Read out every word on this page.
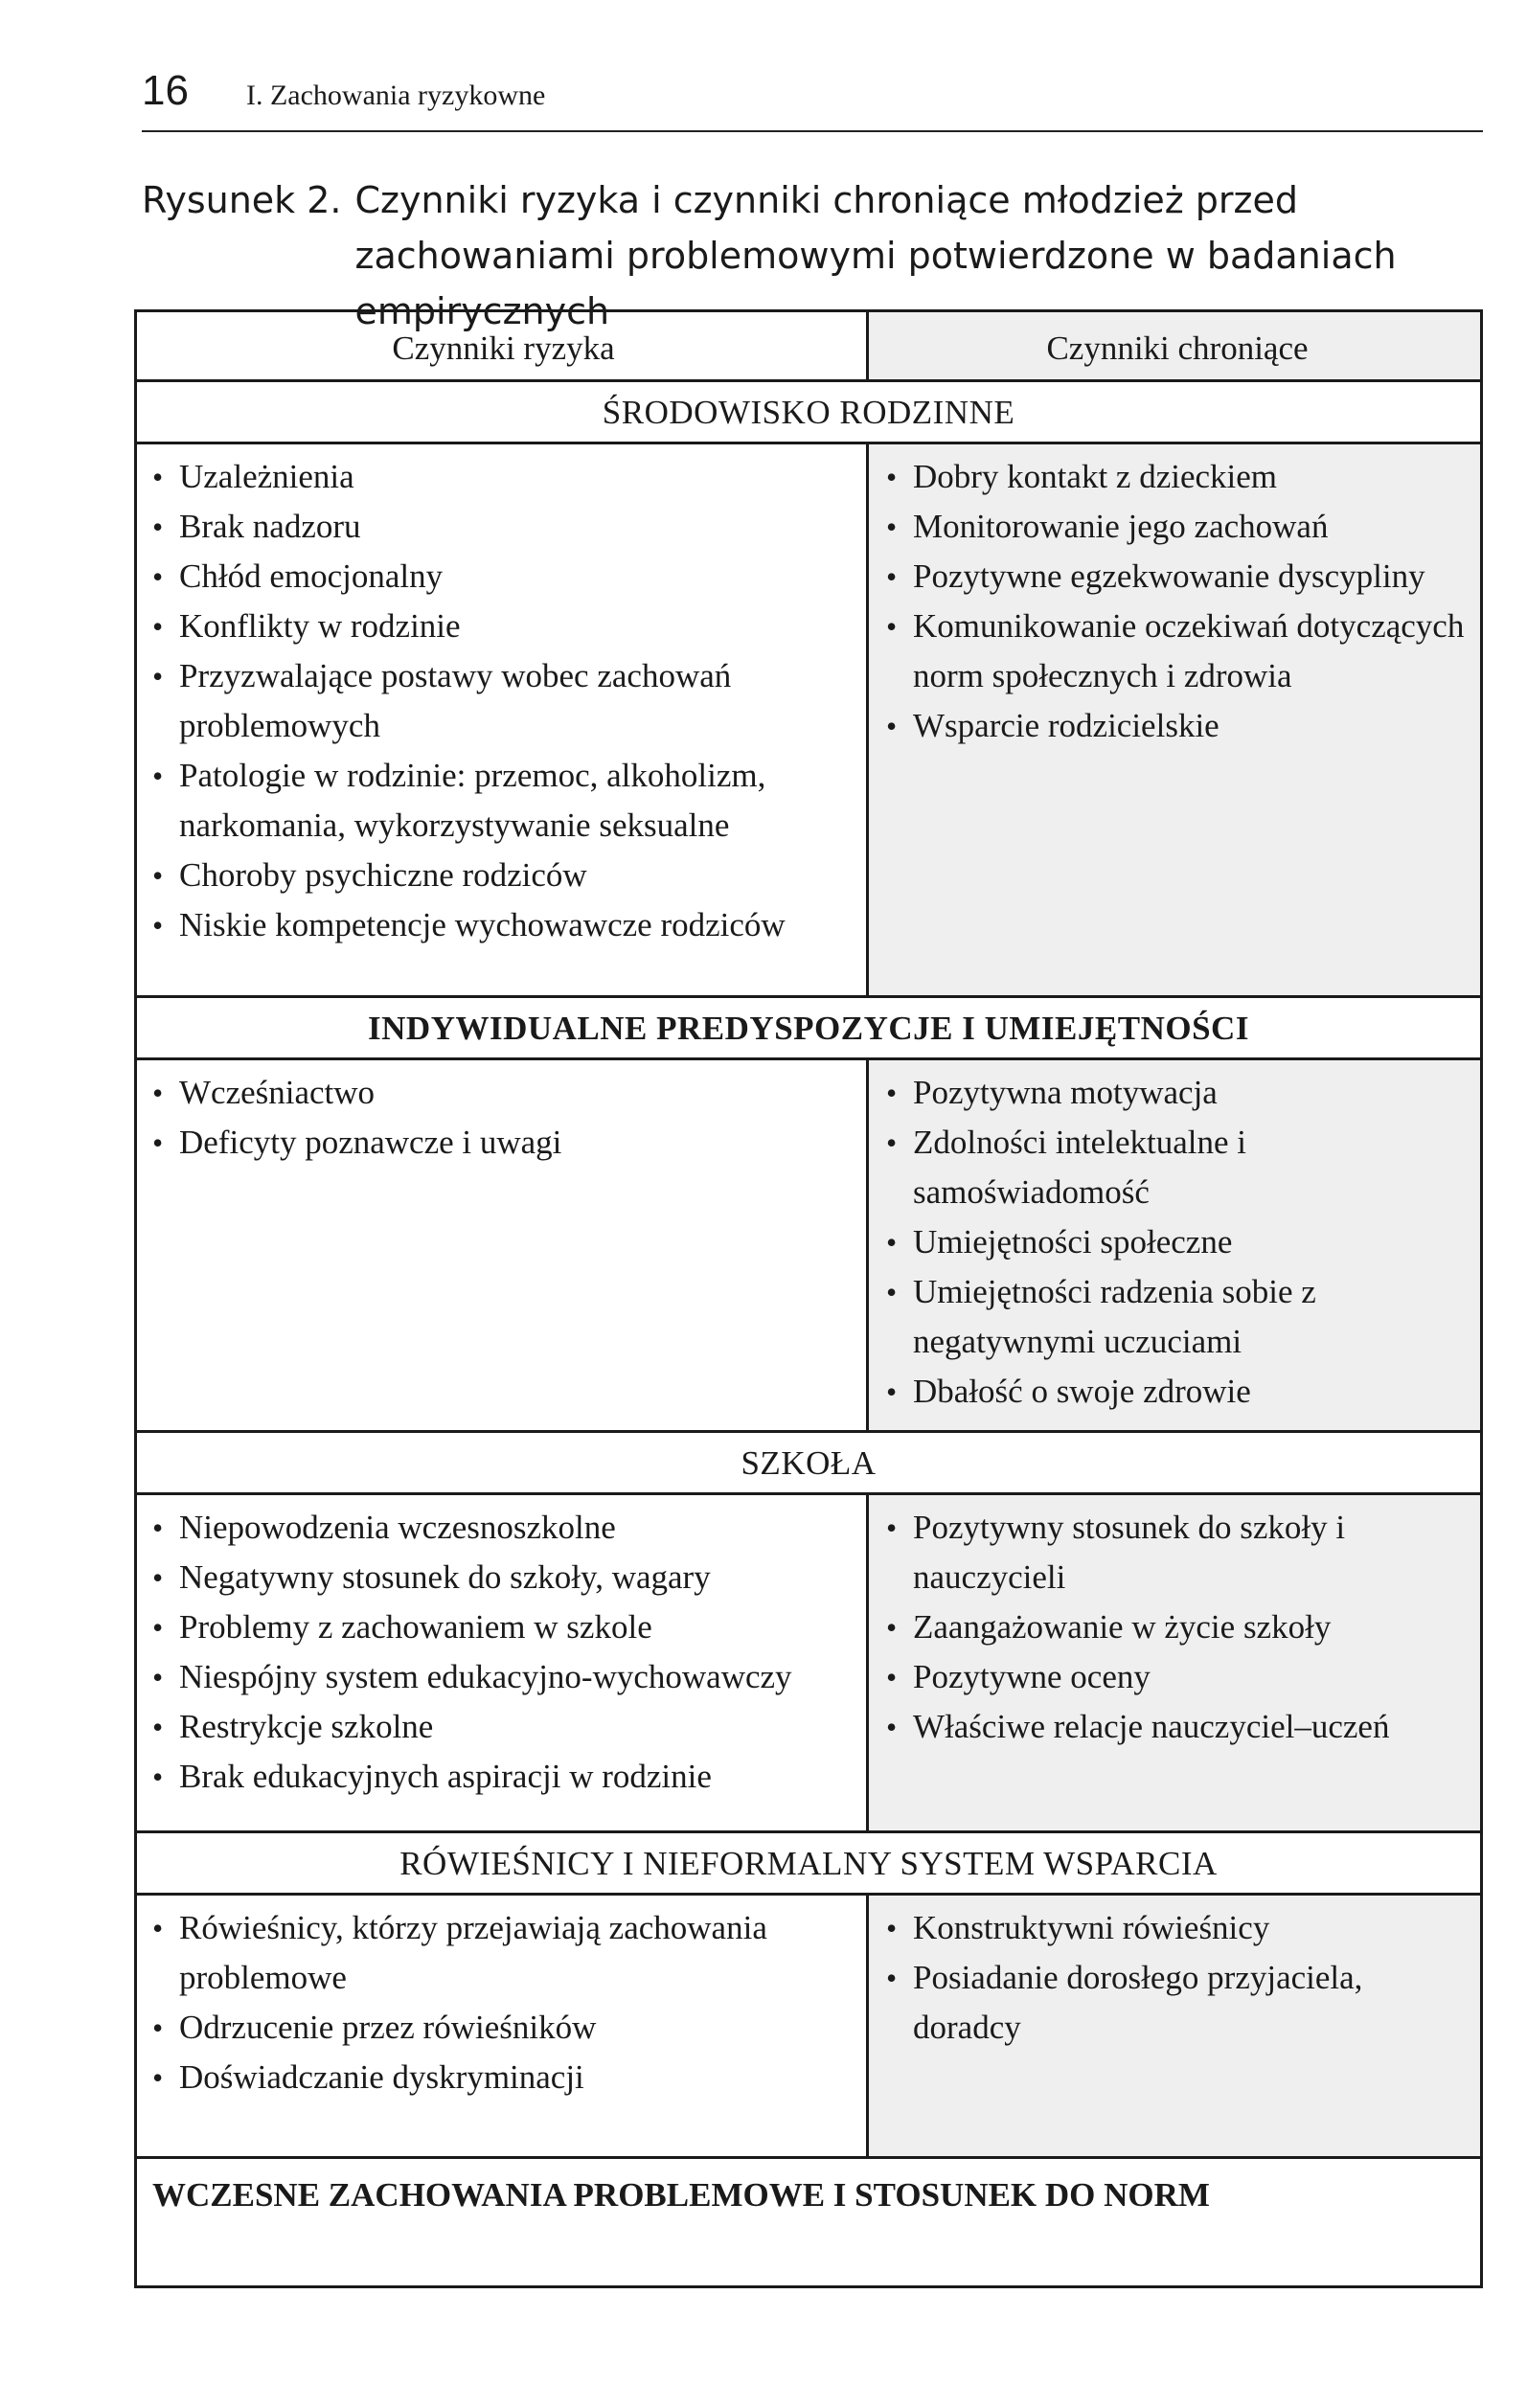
16 I. Zachowania ryzykowne
Rysunek 2. Czynniki ryzyka i czynniki chroniące młodzież przed zachowaniami problemowymi potwierdzone w badaniach empirycznych
Czynniki ryzyka	Czynniki chroniące
ŚRODOWISKO RODZINNE
• Uzależnienia
• Brak nadzoru
• Chłód emocjonalny
• Konflikty w rodzinie
• Przyzwalające postawy wobec zachowań problemowych
• Patologie w rodzinie: przemoc, alkoholizm, narkomania, wykorzystywanie seksualne
• Choroby psychiczne rodziców
• Niskie kompetencje wychowawcze rodziców
• Dobry kontakt z dzieckiem
• Monitorowanie jego zachowań
• Pozytywne egzekwowanie dyscypliny
• Komunikowanie oczekiwań dotyczących norm społecznych i zdrowia
• Wsparcie rodzicielskie
INDYWIDUALNE PREDYSPOZYCJE I UMIEJĘTNOŚCI
• Wcześniactwo
• Deficyty poznawcze i uwagi
• Pozytywna motywacja
• Zdolności intelektualne i samoświadomość
• Umiejętności społeczne
• Umiejętności radzenia sobie z negatywnymi uczuciami
• Dbałość o swoje zdrowie
SZKOŁA
• Niepowodzenia wczesnoszkolne
• Negatywny stosunek do szkoły, wagary
• Problemy z zachowaniem w szkole
• Niespójny system edukacyjno-wychowawczy
• Restrykcje szkolne
• Brak edukacyjnych aspiracji w rodzinie
• Pozytywny stosunek do szkoły i nauczycieli
• Zaangażowanie w życie szkoły
• Pozytywne oceny
• Właściwe relacje nauczyciel–uczeń
RÓWIEŚNICY I NIEFORMALNY SYSTEM WSPARCIA
• Rówieśnicy, którzy przejawiają zachowania problemowe
• Odrzucenie przez rówieśników
• Doświadczanie dyskryminacji
• Konstruktywni rówieśnicy
• Posiadanie dorosłego przyjaciela, doradcy
WCZESNE ZACHOWANIA PROBLEMOWE I STOSUNEK DO NORM
